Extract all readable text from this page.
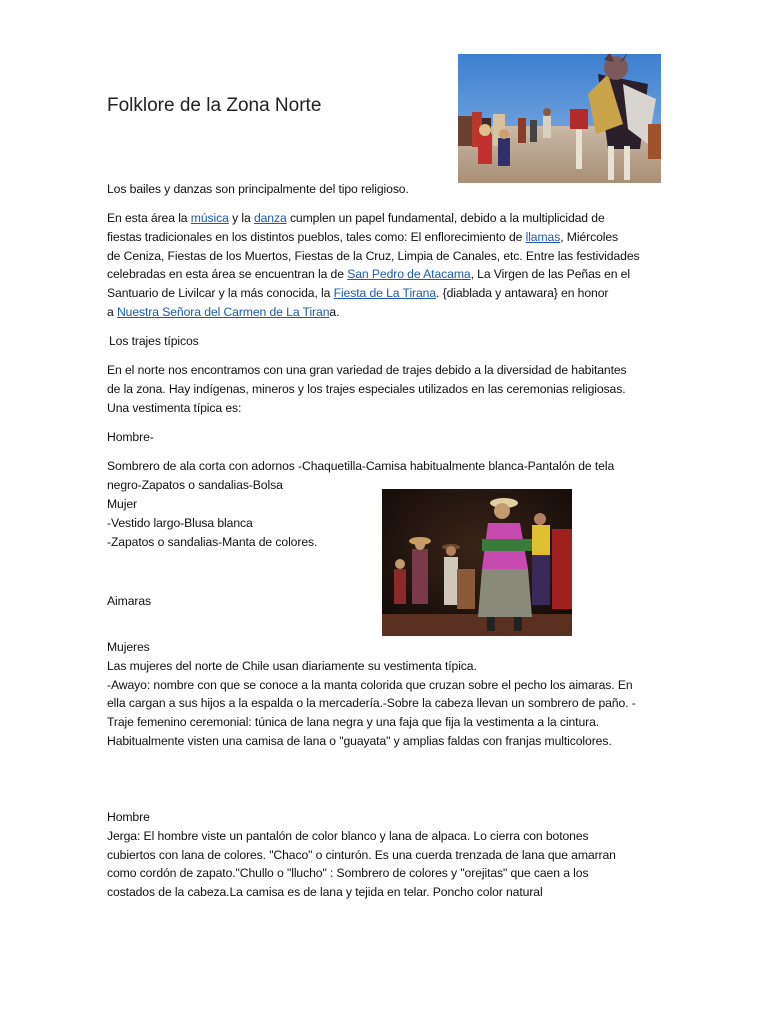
Folklore de la Zona Norte

Los bailes y danzas son principalmente del tipo religioso.

En esta área la música y la danza cumplen un papel fundamental, debido a la multiplicidad de
fiestas tradicionales en los distintos pueblos, tales como: El enflorecimiento de llamas, Miércoles
de Ceniza, Fiestas de los Muertos, Fiestas de la Cruz, Limpia de Canales, etc. Entre las festividades
celebradas en esta área se encuentran la de San Pedro de Atacama, La Virgen de las Peñas en el
Santuario de Livilcar y la más conocida, la Fiesta de La Tirana. {diablada y antawara} en honor
a Nuestra Señora del Carmen de La Tirana.

Los trajes típicos

En el norte nos encontramos con una gran variedad de trajes debido a la diversidad de habitantes
de la zona. Hay indígenas, mineros y los trajes especiales utilizados en las ceremonias religiosas.
Una vestimenta típica es:

Hombre-

Sombrero de ala corta con adornos -Chaquetilla-Camisa habitualmente blanca-Pantalón de tela
negro-Zapatos o sandalias-Bolsa
Mujer
-Vestido largo-Blusa blanca
-Zapatos o sandalias-Manta de colores.

Aimaras

Mujeres
Las mujeres del norte de Chile usan diariamente su vestimenta típica.
-Awayo: nombre con que se conoce a la manta colorida que cruzan sobre el pecho los aimaras. En
ella cargan a sus hijos a la espalda o la mercadería.-Sobre la cabeza llevan un sombrero de paño. -
Traje femenino ceremonial: túnica de lana negra y una faja que fija la vestimenta a la cintura.
Habitualmente visten una camisa de lana o "guayata" y amplias faldas con franjas multicolores.
Hombre
Jerga: El hombre viste un pantalón de color blanco y lana de alpaca. Lo cierra con botones
cubiertos con lana de colores. "Chaco" o cinturón. Es una cuerda trenzada de lana que amarran
como cordón de zapato."Chullo o "llucho" : Sombrero de colores y "orejitas" que caen a los
costados de la cabeza.La camisa es de lana y tejida en telar. Poncho color natural
